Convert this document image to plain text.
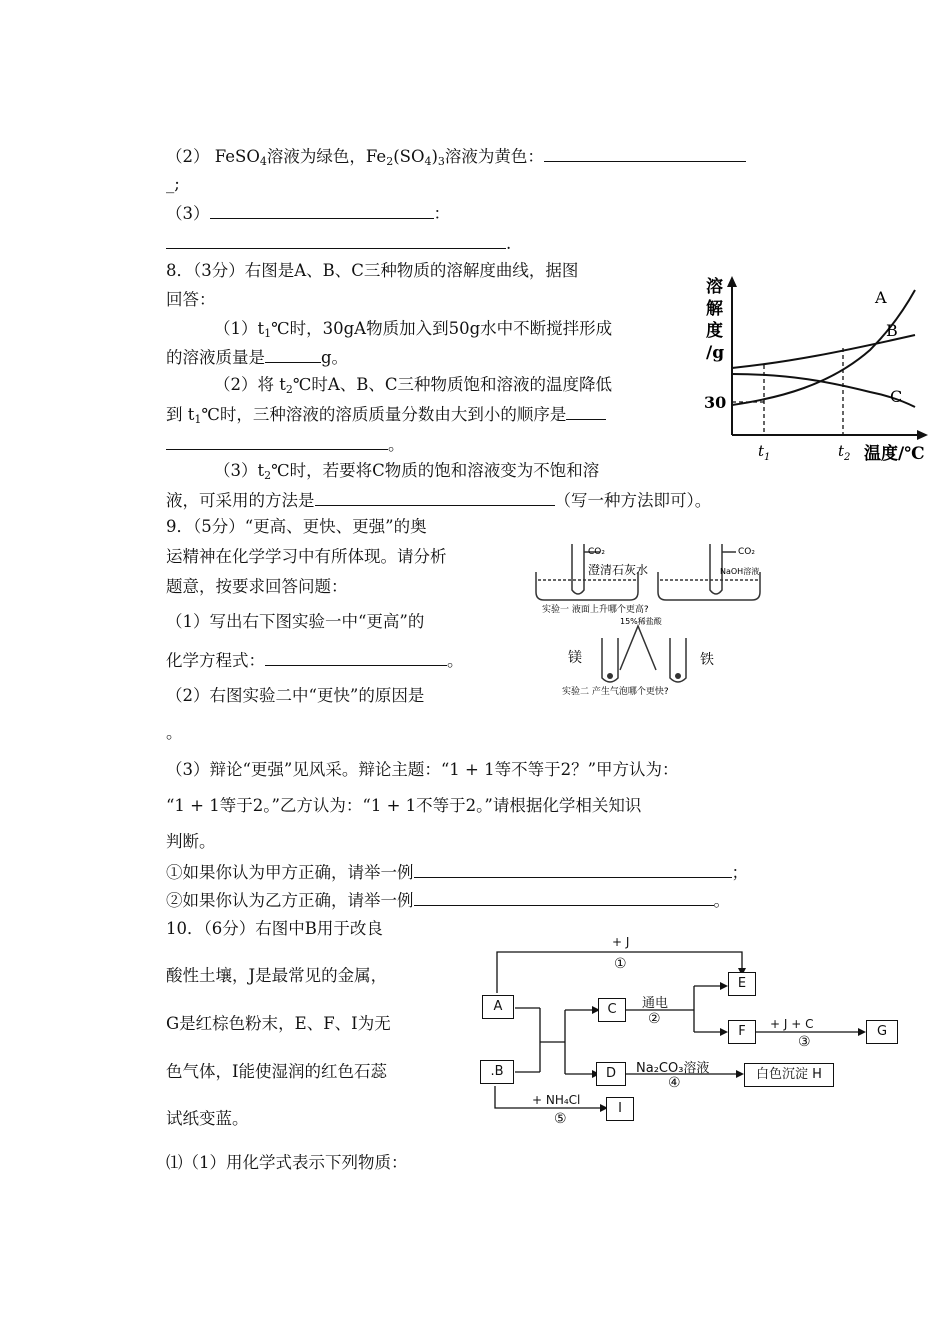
（2） FeSO$_4$溶液为绿色，$Fe_2(SO_4)_3$溶液为黄色：
_;
（3）	：
.
8．（3分）右图是A、B、C三种物质的溶解度曲线，据图
回答：
$(1)t_1℃$时，30gA物质加入到50g水中不断搅拌形成
的溶液质量是	g。
（2）将 $t_2℃$时A、B、C三种物质饱和溶液的温度降低
到 $t_1℃$时，三种溶液的溶质质量分数由大到小的顺序是
。
$(3)t_2℃$时，若要将C物质的饱和溶液变为不饱和溶
液，可采用的方法是	（写一种方法即可）。
溶
解
度
/g
30
$t_1$	$t_2$ 温度/℃
A
B
C
9．（5分）“更高、更快、更强”的奥
运精神在化学学习中有所体现。请分析
题意，按要求回答问题：
（1）写出右下图实验一中“更高”的
化学方程式：	。
（2）右图实验二中“更快”的原因是
。
（3）辩论“更强”见风采。辩论主题：“1 + 1等不等于2？”甲方认为：
“1 + 1等于2。”乙方认为：“1 + 1不等于2。”请根据化学相关知识
判断。
①如果你认为甲方正确，请举一例	；
②如果你认为乙方正确，请举一例	。
CO₂	CO₂
澄清石灰水	NaOH溶液
实验一 液面上升哪个更高?
15%稀盐酸
镁	铁
实验二 产生气泡哪个更快?
10．（6分）右图中B用于改良
酸性土壤，J是最常见的金属，
G是红棕色粉末，E、F、I为无
色气体，I能使湿润的红色石蕊
试纸变蓝。
⑴（1）用化学式表示下列物质：
A
.B
C
D
E
F	G
I
白色沉淀 H
+ J
①
通电
②	+ J + C
③
Na₂CO₃溶液
④
+ NH₄Cl
⑤
